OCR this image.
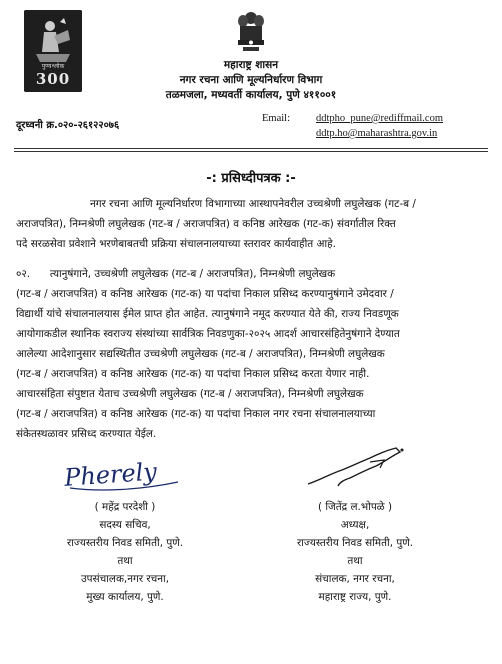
पुण्यश्लोक
300
महाराष्ट्र शासन
नगर रचना आणि मूल्यनिर्धारण विभाग
तळमजला, मध्यवर्ती कार्यालय, पुणे ४११००१
दूरध्वनी क्र.०२०-२६१२२०७६
Email: ddtpho_pune@rediffmail.com
ddtp.ho@maharashtra.gov.in
-: प्रसिध्दीपत्रक :-
नगर रचना आणि मूल्यनिर्धारण विभागाच्या आस्थापनेवरील उच्चश्रेणी लघुलेखक (गट-ब /
अराजपत्रित), निम्नश्रेणी लघुलेखक (गट-ब / अराजपत्रित) व कनिष्ठ आरेखक (गट-क) संवर्गातील रिक्त
पदे सरळसेवा प्रवेशाने भरणेबाबतची प्रक्रिया संचालनालयाच्या स्तरावर कार्यवाहीत आहे.
०२.      त्यानुषंगाने, उच्चश्रेणी लघुलेखक (गट-ब / अराजपत्रित), निम्नश्रेणी लघुलेखक
(गट-ब / अराजपत्रित) व कनिष्ठ आरेखक (गट-क) या पदांचा निकाल प्रसिध्द करण्यानुषंगाने उमेदवार /
विद्यार्थी यांचे संचालनालयास ईमेल प्राप्त होत आहेत. त्यानुषंगाने नमूद करण्यात येते की, राज्य निवडणूक
आयोगाकडील स्थानिक स्वराज्य संस्थांच्या सार्वत्रिक निवडणुका-२०२५ आदर्श आचारसंहितेनुषंगाने देण्यात
आलेल्या आदेशानुसार सद्यस्थितीत उच्चश्रेणी लघुलेखक (गट-ब / अराजपत्रित), निम्नश्रेणी लघुलेखक
(गट-ब / अराजपत्रित) व कनिष्ठ आरेखक (गट-क) या पदांचा निकाल प्रसिध्द करता येणार नाही.
आचारसंहिता संपुष्टात येताच उच्चश्रेणी लघुलेखक (गट-ब / अराजपत्रित), निम्नश्रेणी लघुलेखक
(गट-ब / अराजपत्रित) व कनिष्ठ आरेखक (गट-क) या पदांचा निकाल नगर रचना संचालनालयाच्या
संकेतस्थळावर प्रसिध्द करण्यात येईल.
Pherely
( महेंद्र परदेशी )
सदस्य सचिव,
राज्यस्तरीय निवड समिती, पुणे.
तथा
उपसंचालक,नगर रचना,
मुख्य कार्यालय, पुणे.
( जितेंद्र ल.भोपळे )
अध्यक्ष,
राज्यस्तरीय निवड समिती, पुणे.
तथा
संचालक, नगर रचना,
महाराष्ट्र राज्य, पुणे.
